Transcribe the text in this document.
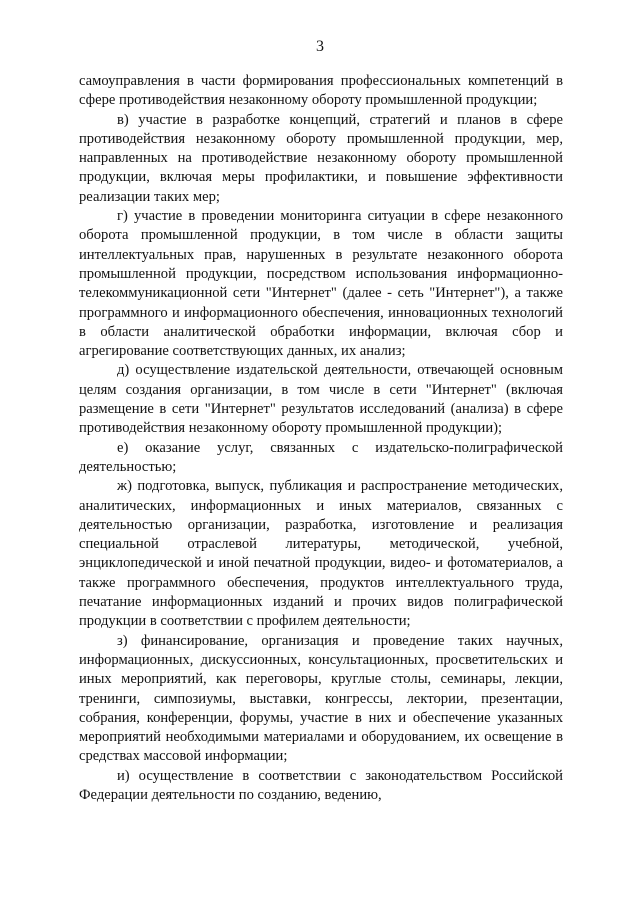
3

самоуправления в части формирования профессиональных компетенций в сфере противодействия незаконному обороту промышленной продукции;

в) участие в разработке концепций, стратегий и планов в сфере противодействия незаконному обороту промышленной продукции, мер, направленных на противодействие незаконному обороту промышленной продукции, включая меры профилактики, и повышение эффективности реализации таких мер;

г) участие в проведении мониторинга ситуации в сфере незаконного оборота промышленной продукции, в том числе в области защиты интеллектуальных прав, нарушенных в результате незаконного оборота промышленной продукции, посредством использования информационно-телекоммуникационной сети "Интернет" (далее - сеть "Интернет"), а также программного и информационного обеспечения, инновационных технологий в области аналитической обработки информации, включая сбор и агрегирование соответствующих данных, их анализ;

д) осуществление издательской деятельности, отвечающей основным целям создания организации, в том числе в сети "Интернет" (включая размещение в сети "Интернет" результатов исследований (анализа) в сфере противодействия незаконному обороту промышленной продукции);

е) оказание услуг, связанных с издательско-полиграфической деятельностью;

ж) подготовка, выпуск, публикация и распространение методических, аналитических, информационных и иных материалов, связанных с деятельностью организации, разработка, изготовление и реализация специальной отраслевой литературы, методической, учебной, энциклопедической и иной печатной продукции, видео- и фотоматериалов, а также программного обеспечения, продуктов интеллектуального труда, печатание информационных изданий и прочих видов полиграфической продукции в соответствии с профилем деятельности;

з) финансирование, организация и проведение таких научных, информационных, дискуссионных, консультационных, просветительских и иных мероприятий, как переговоры, круглые столы, семинары, лекции, тренинги, симпозиумы, выставки, конгрессы, лектории, презентации, собрания, конференции, форумы, участие в них и обеспечение указанных мероприятий необходимыми материалами и оборудованием, их освещение в средствах массовой информации;

и) осуществление в соответствии с законодательством Российской Федерации деятельности по созданию, ведению,
